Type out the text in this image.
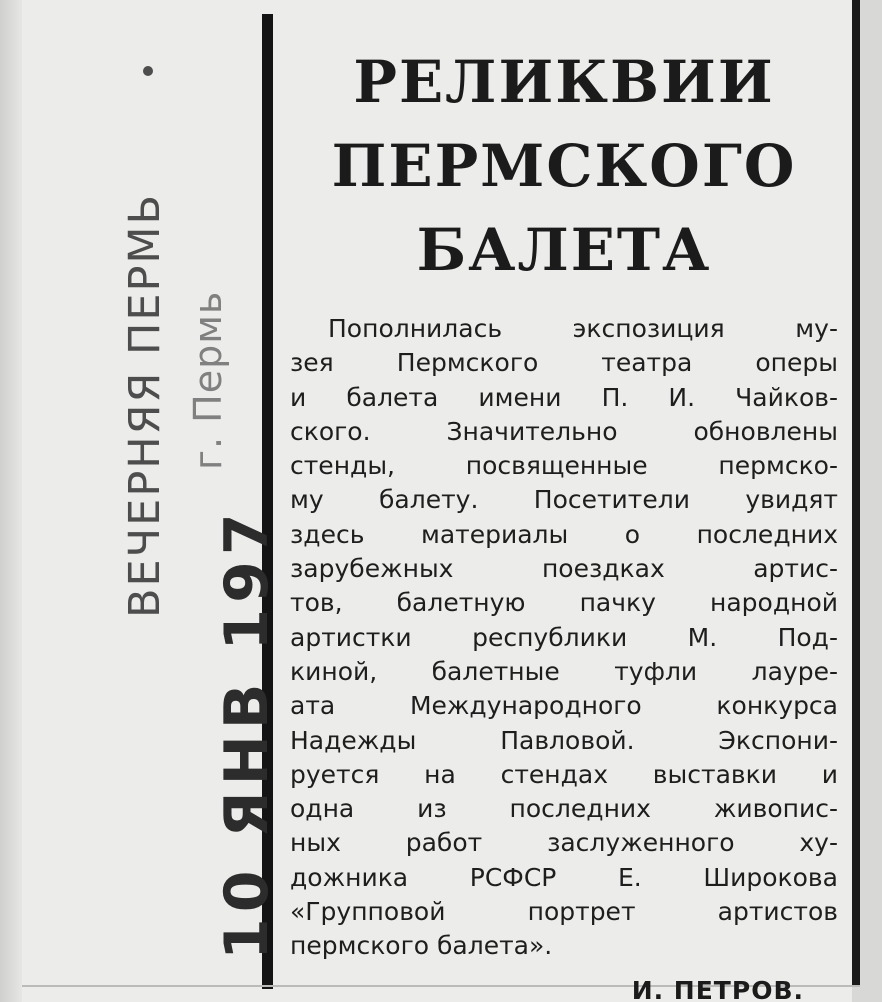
ВЕЧЕРНЯЯ ПЕРМЬ г. Пермь
10 ЯНВ 197
РЕЛИКВИИ
ПЕРМСКОГО
БАЛЕТА
Пополнилась экспозиция му-
зея Пермского театра оперы
и балета имени П. И. Чайков-
ского. Значительно обновлены
стенды, посвященные пермско-
му балету. Посетители увидят
здесь материалы о последних
зарубежных поездках артис-
тов, балетную пачку народной
артистки республики М. Под-
киной, балетные туфли лауре-
ата Международного конкурса
Надежды Павловой. Экспони-
руется на стендах выставки и
одна из последних живопис-
ных работ заслуженного ху-
дожника РСФСР Е. Широкова
«Групповой портрет артистов
пермского балета».
И. ПЕТРОВ.
